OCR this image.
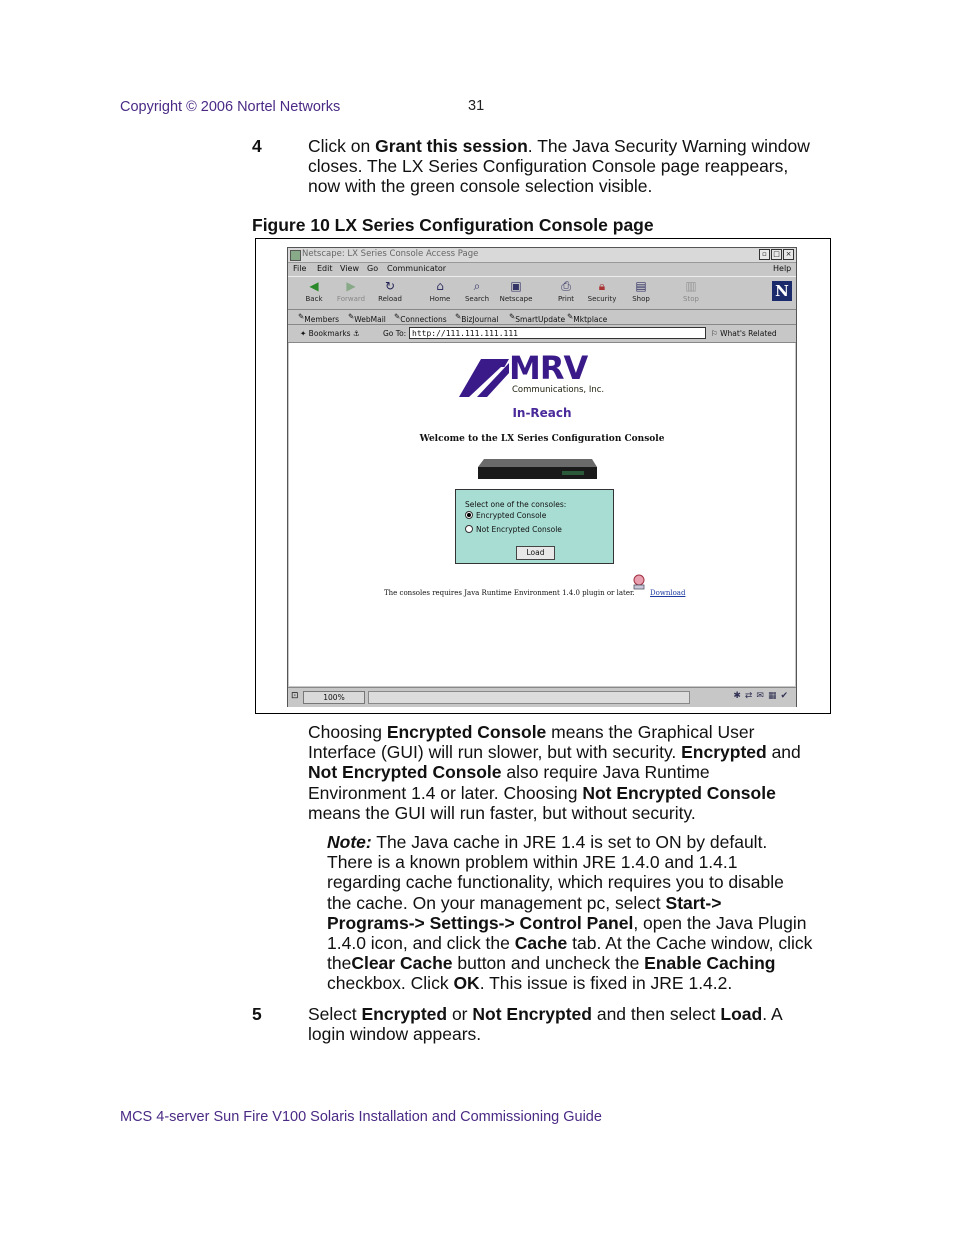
Copyright © 2006 Nortel Networks	31
4	Click on Grant this session. The Java Security Warning window
closes. The LX Series Configuration Console page reappears,
now with the green console selection visible.
Figure 10 LX Series Configuration Console page
Netscape: LX Series Console Access Page	▫ □ ×
File Edit View Go Communicator	Help
◀
Back
▶
Forward
↻
Reload
⌂
Home
⌕
Search
▣
Netscape
⎙
Print
🔒︎
Security
▤
Shop
▥
Stop	N
✎ Members ✎ WebMail ✎ Connections ✎ BizJournal ✎ SmartUpdate ✎ Mktplace
✦ Bookmarks ⚓	Go To: http://111.111.111.111	⚐ What's Related
MRV
Communications, Inc.
In-Reach
Welcome to the LX Series Configuration Console
Select one of the consoles:
Encrypted Console
Not Encrypted Console
Load
The consoles requires Java Runtime Environment 1.4.0 plugin or later. Download
⊡	100%	✱⇄✉▦✔
Choosing Encrypted Console means the Graphical User
Interface (GUI) will run slower, but with security. Encrypted and
Not Encrypted Console also require Java Runtime
Environment 1.4 or later. Choosing Not Encrypted Console
means the GUI will run faster, but without security.
Note: The Java cache in JRE 1.4 is set to ON by default.
There is a known problem within JRE 1.4.0 and 1.4.1
regarding cache functionality, which requires you to disable
the cache. On your management pc, select Start->
Programs-> Settings-> Control Panel, open the Java Plugin
1.4.0 icon, and click the Cache tab. At the Cache window, click
theClear Cache button and uncheck the Enable Caching
checkbox. Click OK. This issue is fixed in JRE 1.4.2.
5	Select Encrypted or Not Encrypted and then select Load. A
login window appears.
MCS 4-server Sun Fire V100 Solaris Installation and Commissioning Guide
